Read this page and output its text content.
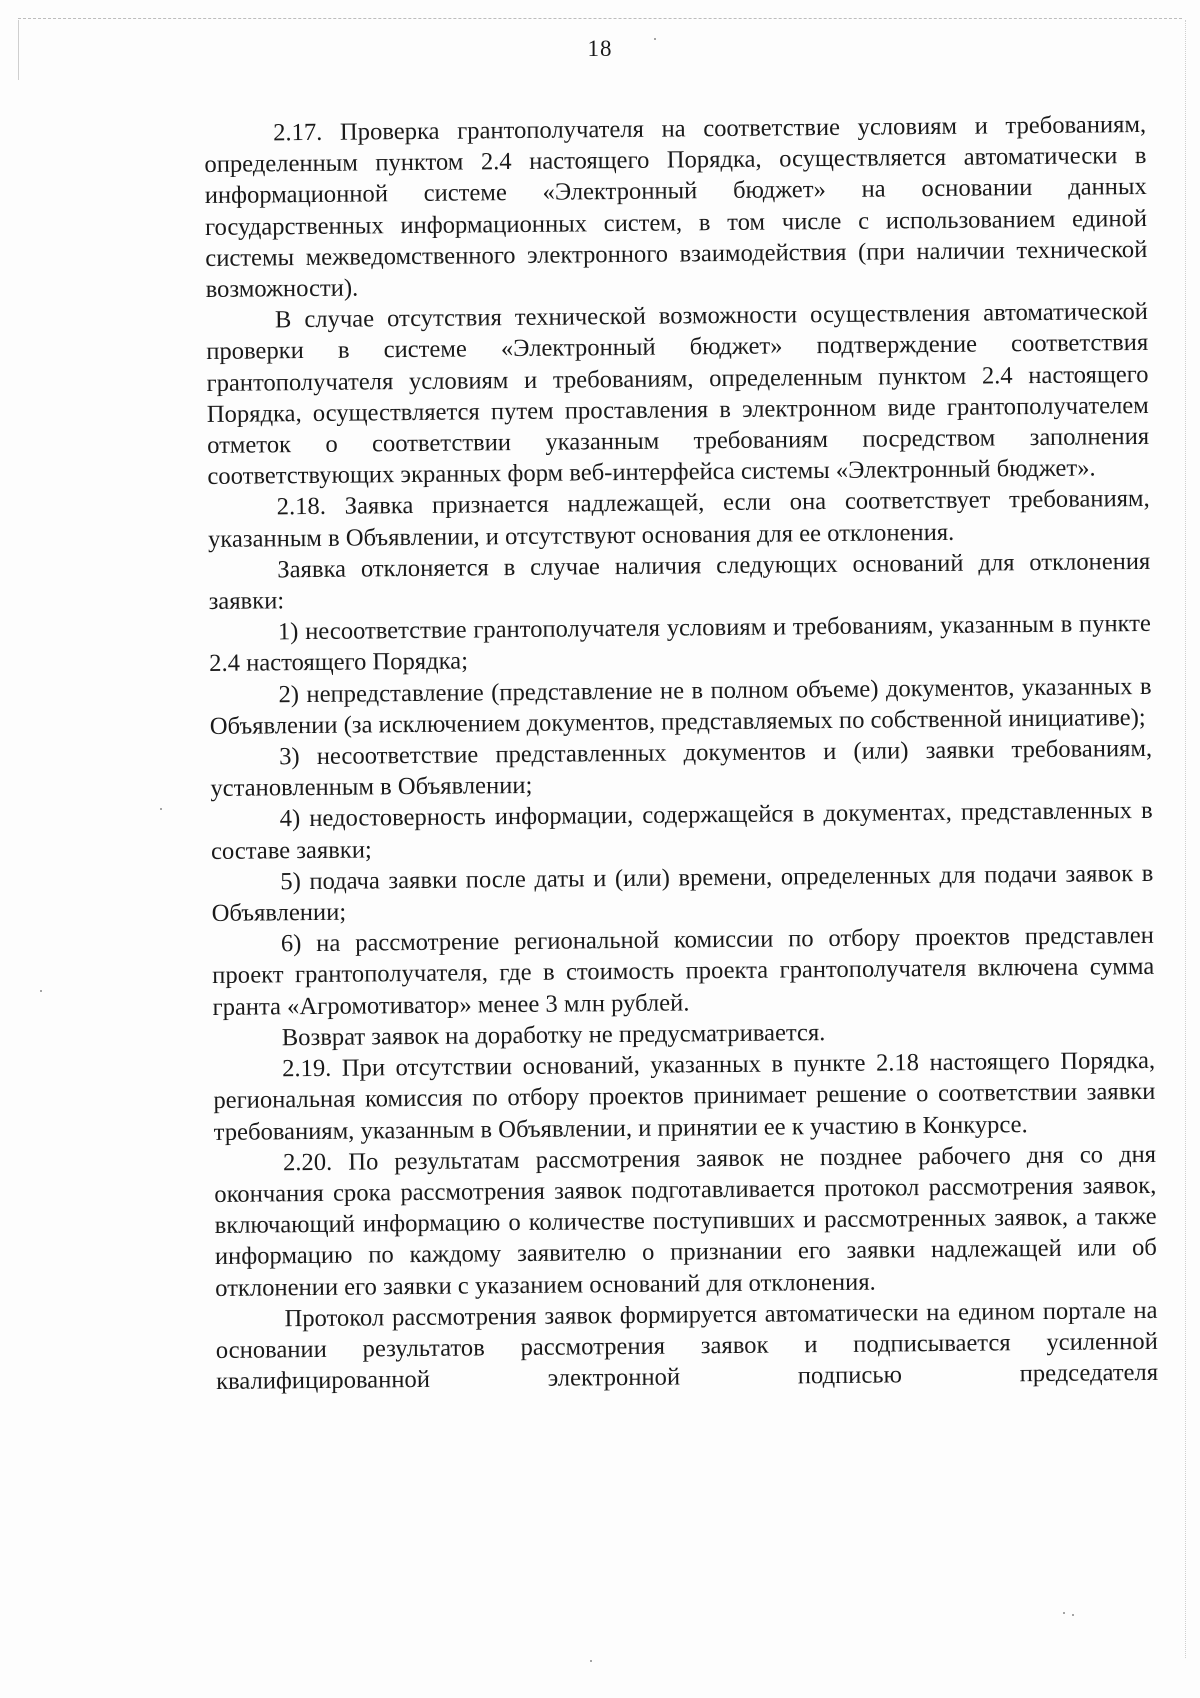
18

2.17. Проверка грантополучателя на соответствие условиям и требованиям, определенным пунктом 2.4 настоящего Порядка, осуществляется автоматически в информационной системе «Электронный бюджет» на основании данных государственных информационных систем, в том числе с использованием единой системы межведомственного электронного взаимодействия (при наличии технической возможности).

В случае отсутствия технической возможности осуществления автоматической проверки в системе «Электронный бюджет» подтверждение соответствия грантополучателя условиям и требованиям, определенным пунктом 2.4 настоящего Порядка, осуществляется путем проставления в электронном виде грантополучателем отметок о соответствии указанным требованиям посредством заполнения соответствующих экранных форм веб-интерфейса системы «Электронный бюджет».

2.18. Заявка признается надлежащей, если она соответствует требованиям, указанным в Объявлении, и отсутствуют основания для ее отклонения.

Заявка отклоняется в случае наличия следующих оснований для отклонения заявки:

1) несоответствие грантополучателя условиям и требованиям, указанным в пункте 2.4 настоящего Порядка;

2) непредставление (представление не в полном объеме) документов, указанных в Объявлении (за исключением документов, представляемых по собственной инициативе);

3) несоответствие представленных документов и (или) заявки требованиям, установленным в Объявлении;

4) недостоверность информации, содержащейся в документах, представленных в составе заявки;

5) подача заявки после даты и (или) времени, определенных для подачи заявок в Объявлении;

6) на рассмотрение региональной комиссии по отбору проектов представлен проект грантополучателя, где в стоимость проекта грантополучателя включена сумма гранта «Агромотиватор» менее 3 млн рублей.

Возврат заявок на доработку не предусматривается.

2.19. При отсутствии оснований, указанных в пункте 2.18 настоящего Порядка, региональная комиссия по отбору проектов принимает решение о соответствии заявки требованиям, указанным в Объявлении, и принятии ее к участию в Конкурсе.

2.20. По результатам рассмотрения заявок не позднее рабочего дня со дня окончания срока рассмотрения заявок подготавливается протокол рассмотрения заявок, включающий информацию о количестве поступивших и рассмотренных заявок, а также информацию по каждому заявителю о признании его заявки надлежащей или об отклонении его заявки с указанием оснований для отклонения.

Протокол рассмотрения заявок формируется автоматически на едином портале на основании результатов рассмотрения заявок и подписывается усиленной квалифицированной электронной подписью председателя
